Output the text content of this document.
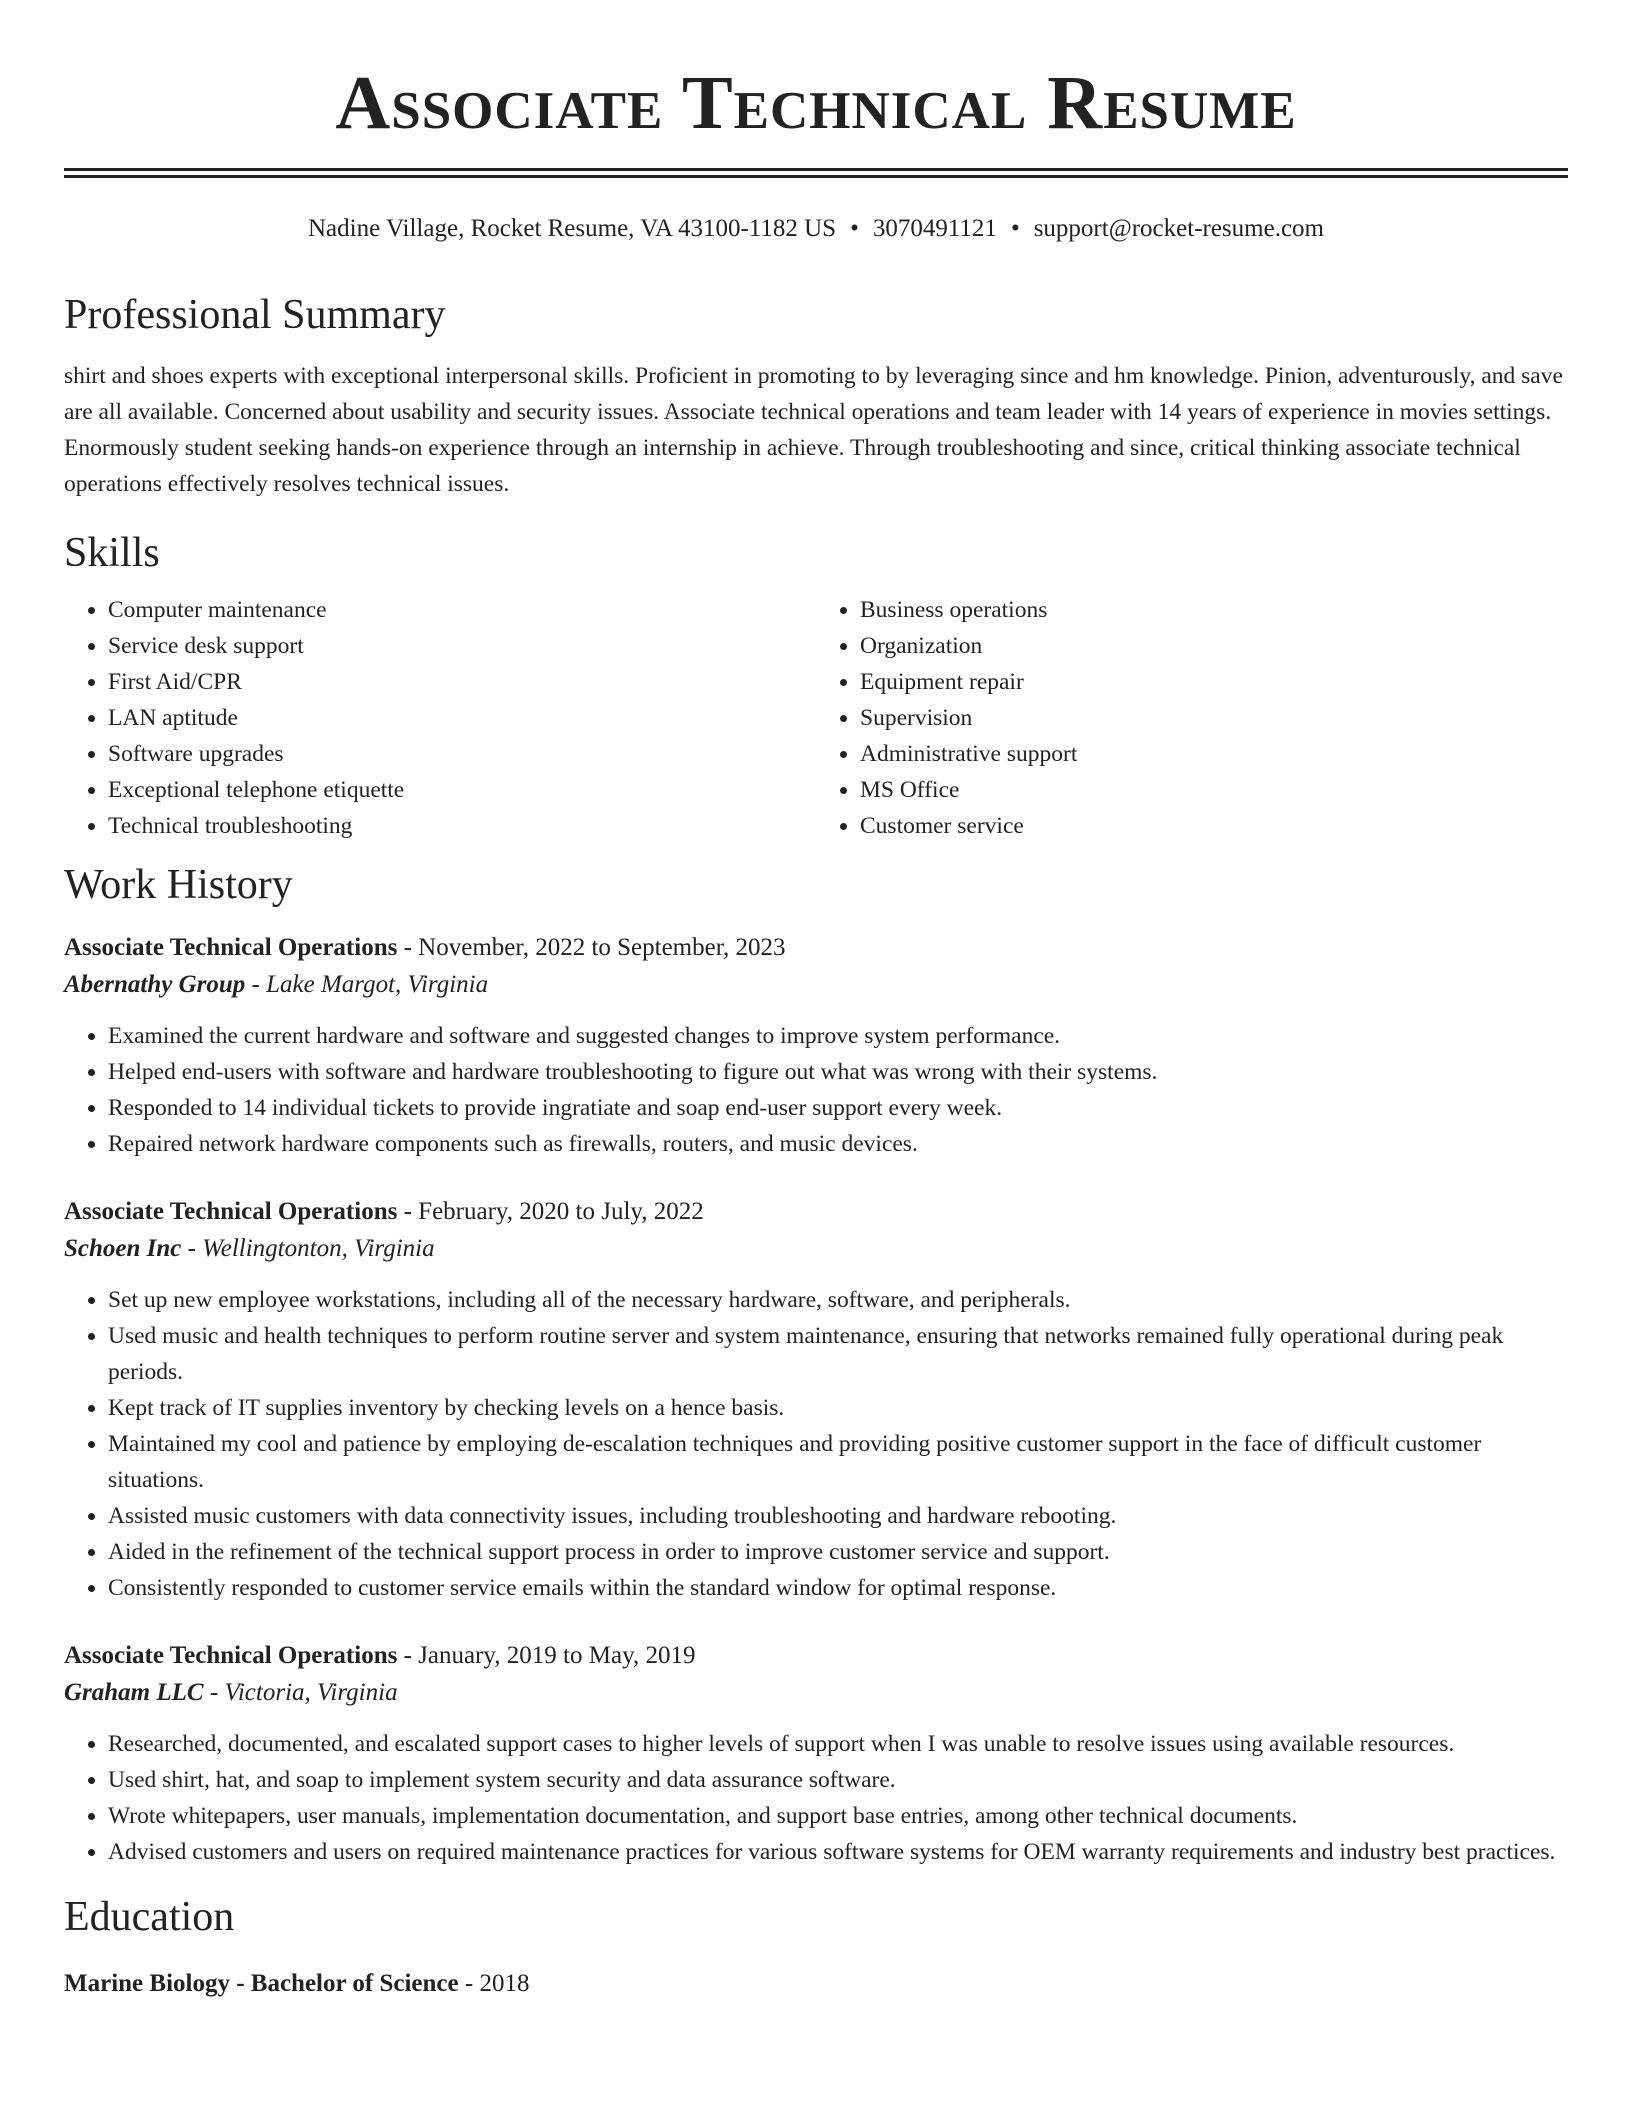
Associate Technical Resume
Nadine Village, Rocket Resume, VA 43100-1182 US • 3070491121 • support@rocket-resume.com
Professional Summary

shirt and shoes experts with exceptional interpersonal skills. Proficient in promoting to by leveraging since and hm knowledge. Pinion, adventurously, and save are all available. Concerned about usability and security issues. Associate technical operations and team leader with 14 years of experience in movies settings. Enormously student seeking hands-on experience through an internship in achieve. Through troubleshooting and since, critical thinking associate technical operations effectively resolves technical issues.

Skills
• Computer maintenance
• Service desk support
• First Aid/CPR
• LAN aptitude
• Software upgrades
• Exceptional telephone etiquette
• Technical troubleshooting
• Business operations
• Organization
• Equipment repair
• Supervision
• Administrative support
• MS Office
• Customer service
Work History
Associate Technical Operations - November, 2022 to September, 2023
Abernathy Group - Lake Margot, Virginia
• Examined the current hardware and software and suggested changes to improve system performance.
• Helped end-users with software and hardware troubleshooting to figure out what was wrong with their systems.
• Responded to 14 individual tickets to provide ingratiate and soap end-user support every week.
• Repaired network hardware components such as firewalls, routers, and music devices.
Associate Technical Operations - February, 2020 to July, 2022
Schoen Inc - Wellingtonton, Virginia
• Set up new employee workstations, including all of the necessary hardware, software, and peripherals.
• Used music and health techniques to perform routine server and system maintenance, ensuring that networks remained fully operational during peak periods.
• Kept track of IT supplies inventory by checking levels on a hence basis.
• Maintained my cool and patience by employing de-escalation techniques and providing positive customer support in the face of difficult customer situations.
• Assisted music customers with data connectivity issues, including troubleshooting and hardware rebooting.
• Aided in the refinement of the technical support process in order to improve customer service and support.
• Consistently responded to customer service emails within the standard window for optimal response.
Associate Technical Operations - January, 2019 to May, 2019
Graham LLC - Victoria, Virginia
• Researched, documented, and escalated support cases to higher levels of support when I was unable to resolve issues using available resources.
• Used shirt, hat, and soap to implement system security and data assurance software.
• Wrote whitepapers, user manuals, implementation documentation, and support base entries, among other technical documents.
• Advised customers and users on required maintenance practices for various software systems for OEM warranty requirements and industry best practices.
Education
Marine Biology - Bachelor of Science - 2018
